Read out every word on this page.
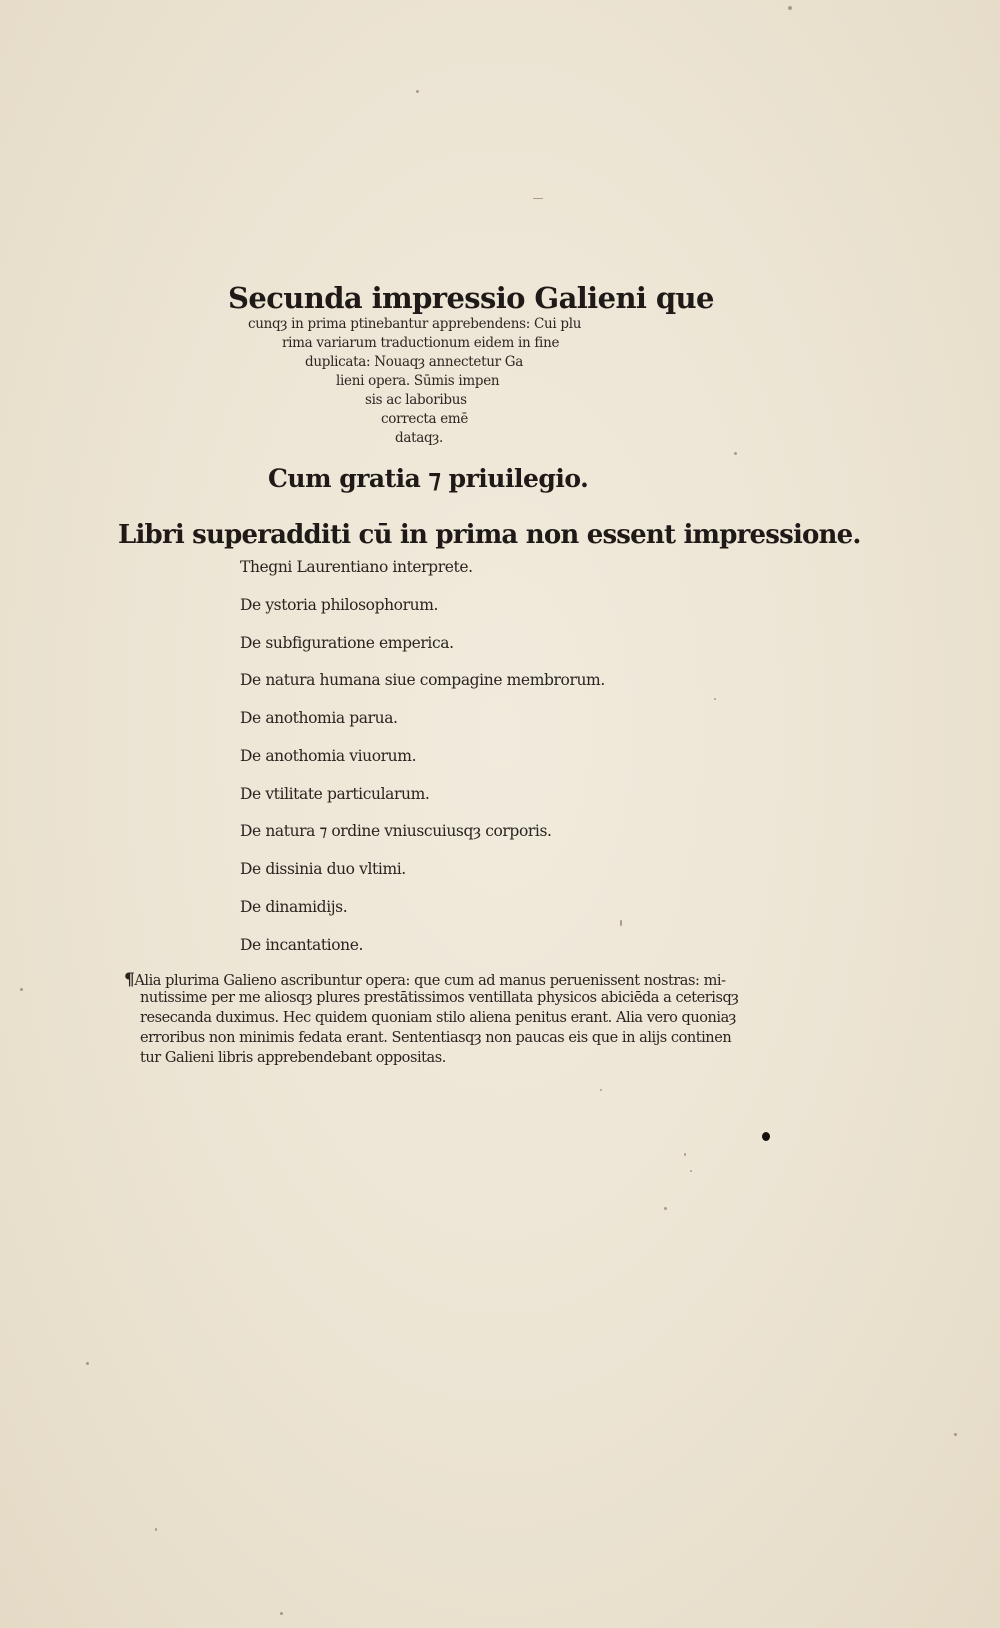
Secunda impressio Galieni que
cunqȝ in prima ptinebantur apprebendens: Cui plu
rima variarum traductionum eidem in fine
duplicata: Nouaqȝ annectetur Ga
lieni opera. Sūmis impen
sis ac laboribus
correcta emē
dataqȝ.
Cum gratia ⁊ priuilegio.
Libri superadditi cū in prima non essent impressione.
Thegni Laurentiano interprete.
De ystoria philosophorum.
De subfiguratione emperica.
De natura humana siue compagine membrorum.
De anothomia parua.
De anothomia viuorum.
De vtilitate particularum.
De natura ⁊ ordine vniuscuiusqȝ corporis.
De dissinia duo vltimi.
De dinamidijs.
De incantatione.
¶Alia plurima Galieno ascribuntur opera: que cum ad manus peruenissent nostras: mi-
nutissime per me aliosqȝ plures prestātissimos ventillata physicos abiciēda a ceterisqȝ
resecanda duximus. Hec quidem quoniam stilo aliena penitus erant. Alia vero quoniaȝ
erroribus non minimis fedata erant. Sententiasqȝ non paucas eis que in alijs continen
tur Galieni libris apprebendebant oppositas.
